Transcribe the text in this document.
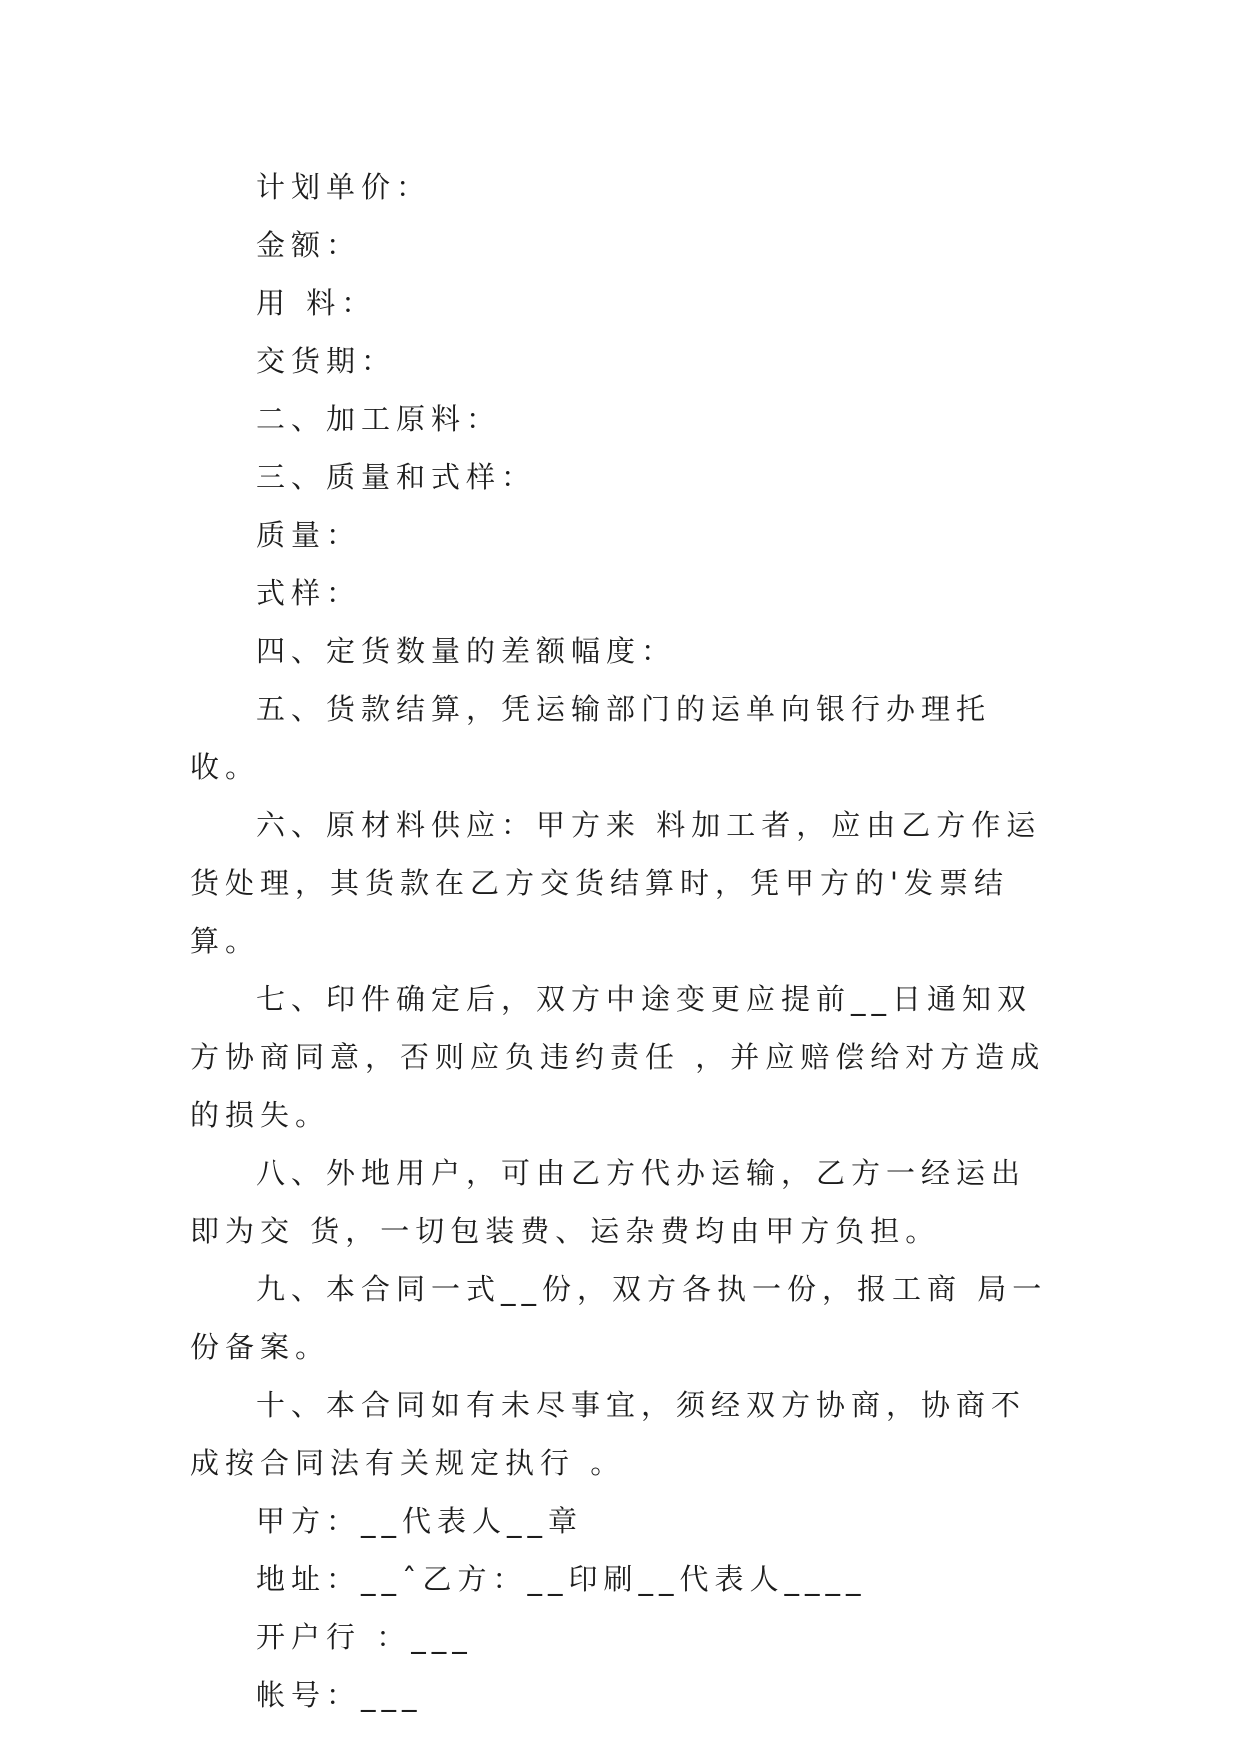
计划单价：

金额：

用 料：

交货期：

二、加工原料：

三、质量和式样：

质量：

式样：

四、定货数量的差额幅度：

五、货款结算，凭运输部门的运单向银行办理托收。

六、原材料供应：甲方来 料加工者，应由乙方作运货处理，其货款在乙方交货结算时，凭甲方的'发票结 算。

七、印件确定后，双方中途变更应提前__日通知双方协商同意，否则应负违约责任 ，并应赔偿给对方造成的损失。

八、外地用户，可由乙方代办运输，乙方一经运出即为交 货，一切包装费、运杂费均由甲方负担。

九、本合同一式__份，双方各执一份，报工商 局一份备案。

十、本合同如有未尽事宜，须经双方协商，协商不成按合同法有关规定执行 。

甲方：__代表人__章

地址：__ˆ乙方：__印刷__代表人____

开户行 ：___

帐号：___
